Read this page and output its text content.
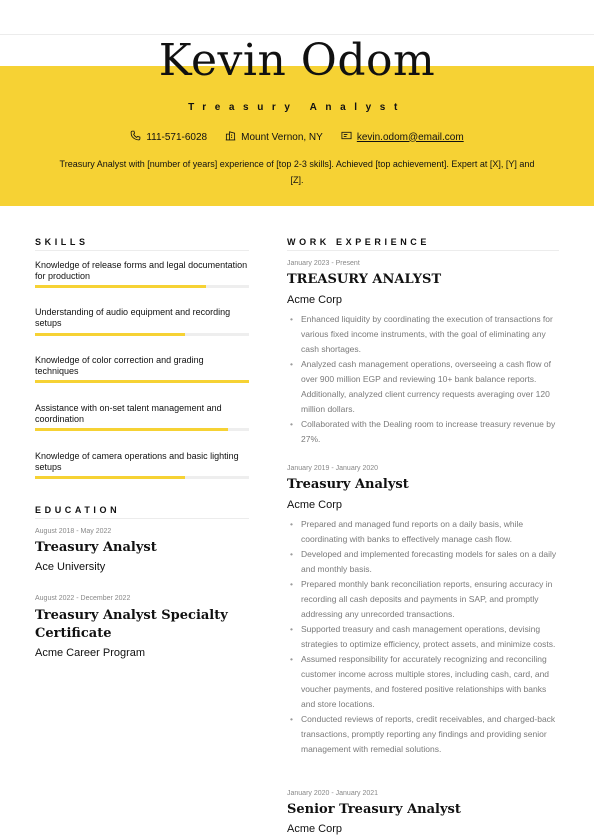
Kevin Odom
Treasury Analyst
111-571-6028	Mount Vernon, NY	kevin.odom@email.com
Treasury Analyst with [number of years] experience of [top 2-3 skills]. Achieved [top achievement]. Expert at [X], [Y] and [Z].
SKILLS
Knowledge of release forms and legal documentation for production
Understanding of audio equipment and recording setups
Knowledge of color correction and grading techniques
Assistance with on-set talent management and coordination
Knowledge of camera operations and basic lighting setups
EDUCATION
August 2018 - May 2022
Treasury Analyst
Ace University
August 2022 - December 2022
Treasury Analyst Specialty Certificate
Acme Career Program
WORK EXPERIENCE
January 2023 - Present
TREASURY ANALYST
Acme Corp
• Enhanced liquidity by coordinating the execution of transactions for various fixed income instruments, with the goal of eliminating any cash shortages.
• Analyzed cash management operations, overseeing a cash flow of over 900 million EGP and reviewing 10+ bank balance reports. Additionally, analyzed client currency requests averaging over 120 million dollars.
• Collaborated with the Dealing room to increase treasury revenue by 27%.
January 2019 - January 2020
Treasury Analyst
Acme Corp
• Prepared and managed fund reports on a daily basis, while coordinating with banks to effectively manage cash flow.
• Developed and implemented forecasting models for sales on a daily and monthly basis.
• Prepared monthly bank reconciliation reports, ensuring accuracy in recording all cash deposits and payments in SAP, and promptly addressing any unrecorded transactions.
• Supported treasury and cash management operations, devising strategies to optimize efficiency, protect assets, and minimize costs.
• Assumed responsibility for accurately recognizing and reconciling customer income across multiple stores, including cash, card, and voucher payments, and fostered positive relationships with banks and store locations.
• Conducted reviews of reports, credit receivables, and charged-back transactions, promptly reporting any findings and providing senior management with remedial solutions.
January 2020 - January 2021
Senior Treasury Analyst
Acme Corp
